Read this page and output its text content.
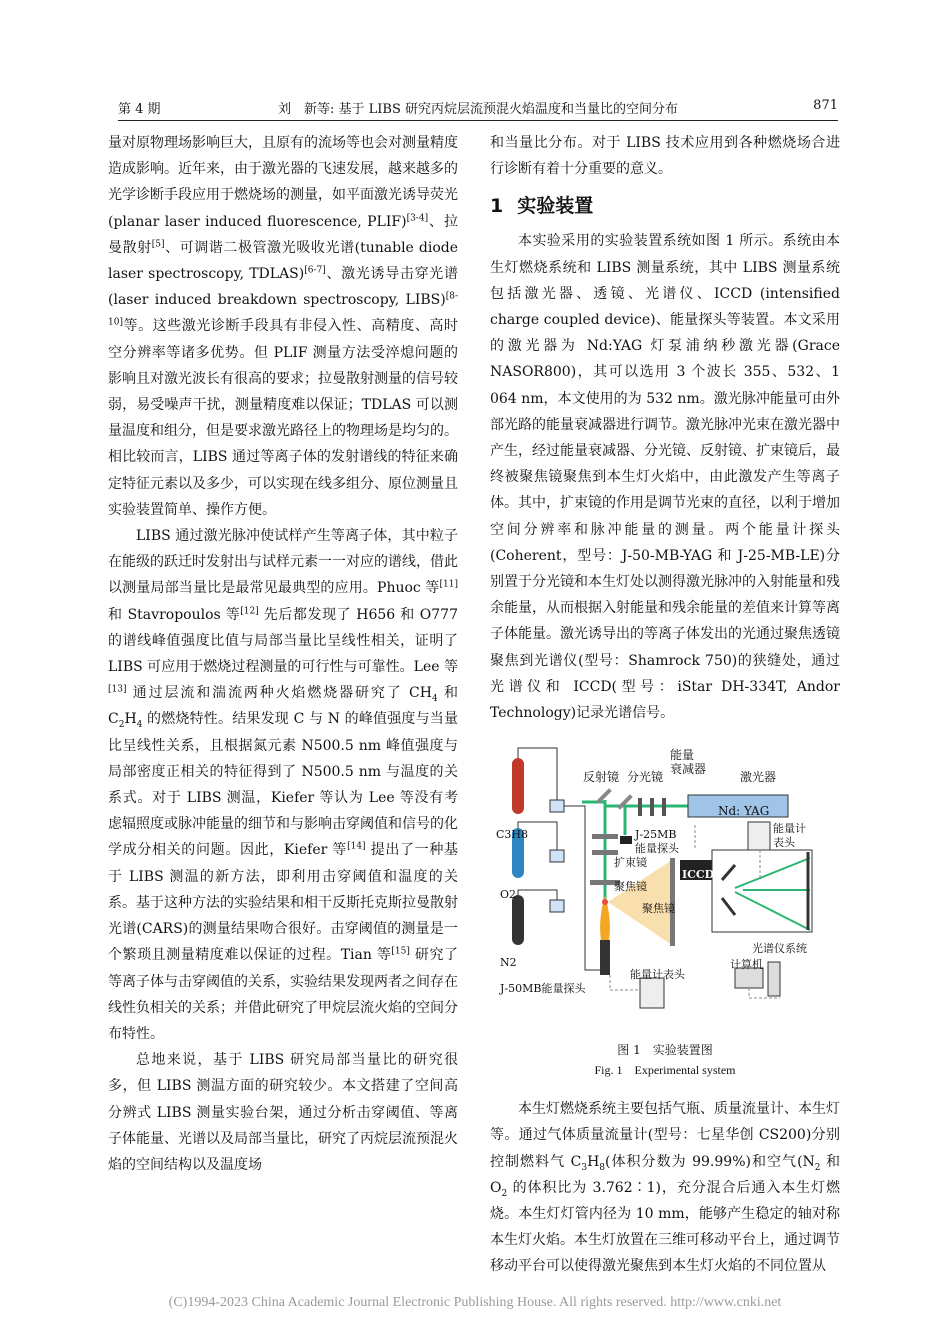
第 4 期	刘　新等: 基于 LIBS 研究丙烷层流预混火焰温度和当量比的空间分布	871

量对原物理场影响巨大，且原有的流场等也会对测量精度造成影响。近年来，由于激光器的飞速发展，越来越多的光学诊断手段应用于燃烧场的测量，如平面激光诱导荧光(planar laser induced fluorescence, PLIF)[3-4]、拉曼散射[5]、可调谐二极管激光吸收光谱(tunable diode laser spectroscopy, TDLAS)[6-7]、激光诱导击穿光谱(laser induced breakdown spectroscopy, LIBS)[8-10]等。这些激光诊断手段具有非侵入性、高精度、高时空分辨率等诸多优势。但 PLIF 测量方法受淬熄问题的影响且对激光波长有很高的要求；拉曼散射测量的信号较弱，易受噪声干扰，测量精度难以保证；TDLAS 可以测量温度和组分，但是要求激光路径上的物理场是均匀的。相比较而言，LIBS 通过等离子体的发射谱线的特征来确定特征元素以及多少，可以实现在线多组分、原位测量且实验装置简单、操作方便。

LIBS 通过激光脉冲使试样产生等离子体，其中粒子在能级的跃迁时发射出与试样元素一一对应的谱线，借此以测量局部当量比是最常见最典型的应用。Phuoc 等[11] 和 Stavropoulos 等[12] 先后都发现了 H656 和 O777 的谱线峰值强度比值与局部当量比呈线性相关，证明了 LIBS 可应用于燃烧过程测量的可行性与可靠性。Lee 等[13] 通过层流和湍流两种火焰燃烧器研究了 $CH_4$ 和 $C_2H_4$ 的燃烧特性。结果发现 C 与 N 的峰值强度与当量比呈线性关系，且根据氮元素 N500.5 nm 峰值强度与局部密度正相关的特征得到了 N500.5 nm 与温度的关系式。对于 LIBS 测温，Kiefer 等认为 Lee 等没有考虑辐照度或脉冲能量的细节和与影响击穿阈值和信号的化学成分相关的问题。因此，Kiefer 等[14] 提出了一种基于 LIBS 测温的新方法，即利用击穿阈值和温度的关系。基于这种方法的实验结果和相干反斯托克斯拉曼散射光谱(CARS)的测量结果吻合很好。击穿阈值的测量是一个繁琐且测量精度难以保证的过程。Tian 等[15] 研究了等离子体与击穿阈值的关系，实验结果发现两者之间存在线性负相关的关系；并借此研究了甲烷层流火焰的空间分布特性。

总地来说，基于 LIBS 研究局部当量比的研究很多，但 LIBS 测温方面的研究较少。本文搭建了空间高分辨式 LIBS 测量实验台架，通过分析击穿阈值、等离子体能量、光谱以及局部当量比，研究了丙烷层流预混火焰的空间结构以及温度场

和当量比分布。对于 LIBS 技术应用到各种燃烧场合进行诊断有着十分重要的意义。

1 实验装置

本实验采用的实验装置系统如图 1 所示。系统由本生灯燃烧系统和 LIBS 测量系统，其中 LIBS 测量系统包括激光器、透镜、光谱仪、ICCD (intensified charge coupled device)、能量探头等装置。本文采用的激光器为 Nd:YAG 灯泵浦纳秒激光器(Grace NASOR800)，其可以选用 3 个波长 355、532、1 064 nm，本文使用的为 532 nm。激光脉冲能量可由外部光路的能量衰减器进行调节。激光脉冲光束在激光器中产生，经过能量衰减器、分光镜、反射镜、扩束镜后，最终被聚焦镜聚焦到本生灯火焰中，由此激发产生等离子体。其中，扩束镜的作用是调节光束的直径，以利于增加空间分辨率和脉冲能量的测量。两个能量计探头(Coherent，型号：J-50-MB-YAG 和 J-25-MB-LE)分别置于分光镜和本生灯处以测得激光脉冲的入射能量和残余能量，从而根据入射能量和残余能量的差值来计算等离子体能量。激光诱导出的等离子体发出的光通过聚焦透镜聚焦到光谱仪(型号：Shamrock 750)的狭缝处，通过光谱仪和 ICCD(型号：iStar DH-334T, Andor Technology)记录光谱信号。

反射镜 分光镜
能量
衰减器
激光器
Nd: YAG
C3H8
O2
N2
J-25MB
能量探头
能量计
表头
扩束镜
聚焦镜
聚焦镜
ICCD
光谱仪系统
J-50MB能量探头
能量计表头
计算机
图 1　实验装置图
Fig. 1　Experimental system

本生灯燃烧系统主要包括气瓶、质量流量计、本生灯等。通过气体质量流量计(型号：七星华创 CS200)分别控制燃料气 $C_3H_8$(体积分数为 99.99%)和空气($N_2$ 和 $O_2$ 的体积比为 3.762∶1)，充分混合后通入本生灯燃烧。本生灯灯管内径为 10 mm，能够产生稳定的轴对称本生灯火焰。本生灯放置在三维可移动平台上，通过调节移动平台可以使得激光聚焦到本生灯火焰的不同位置从

(C)1994-2023 China Academic Journal Electronic Publishing House. All rights reserved. http://www.cnki.net
